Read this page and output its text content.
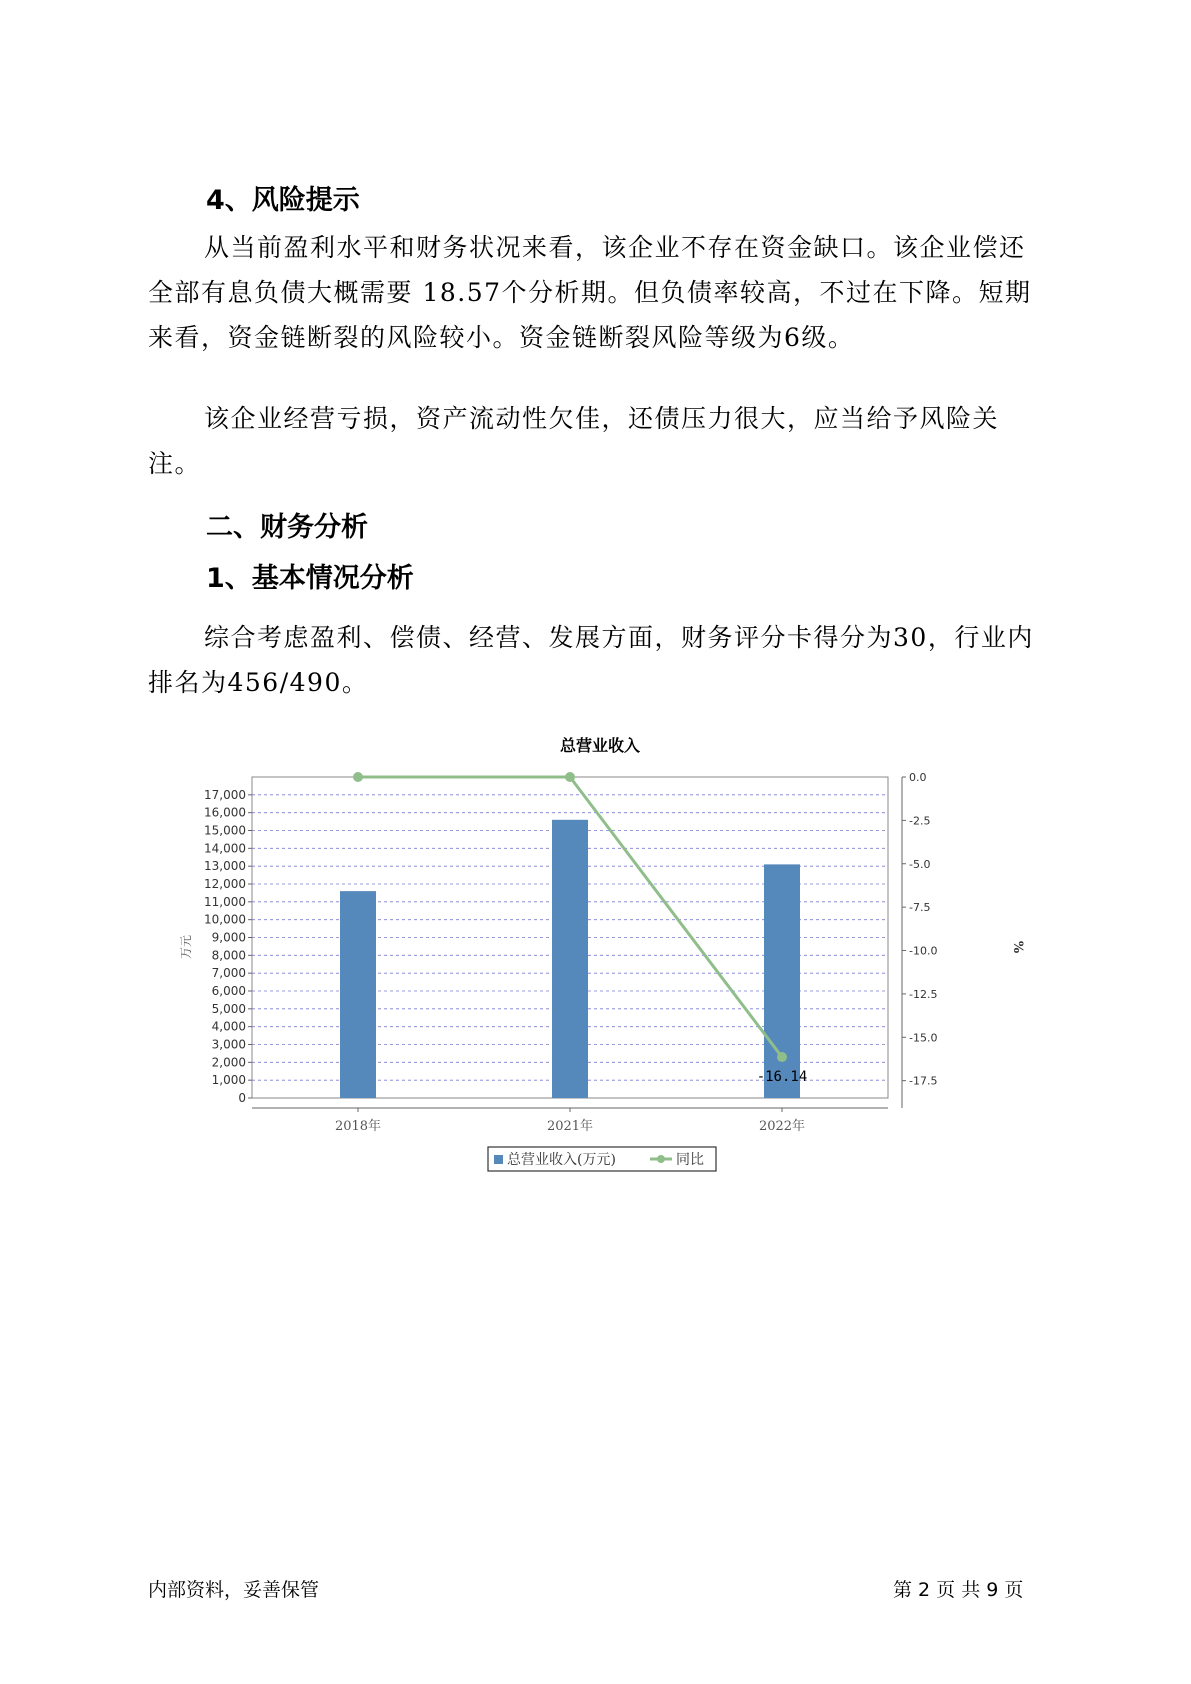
4、风险提示

从当前盈利水平和财务状况来看，该企业不存在资金缺口。该企业偿还全部有息负债大概需要 18.57个分析期。但负债率较高，不过在下降。短期来看，资金链断裂的风险较小。资金链断裂风险等级为6级。

该企业经营亏损，资产流动性欠佳，还债压力很大，应当给予风险关注。

二、财务分析
1、基本情况分析

综合考虑盈利、偿债、经营、发展方面，财务评分卡得分为30，行业内排名为456/490。

总营业收入
-16.14
0
1,000
2,000
3,000
4,000
5,000
6,000
7,000
8,000
9,000
10,000
11,000
12,000
13,000
14,000
15,000
16,000
17,000
0.0
-2.5
-5.0
-7.5
-10.0
-12.5
-15.0
-17.5
2018年	2021年	2022年
万元	%
总营业收入(万元)	同比
内部资料，妥善保管	第 2 页 共 9 页
